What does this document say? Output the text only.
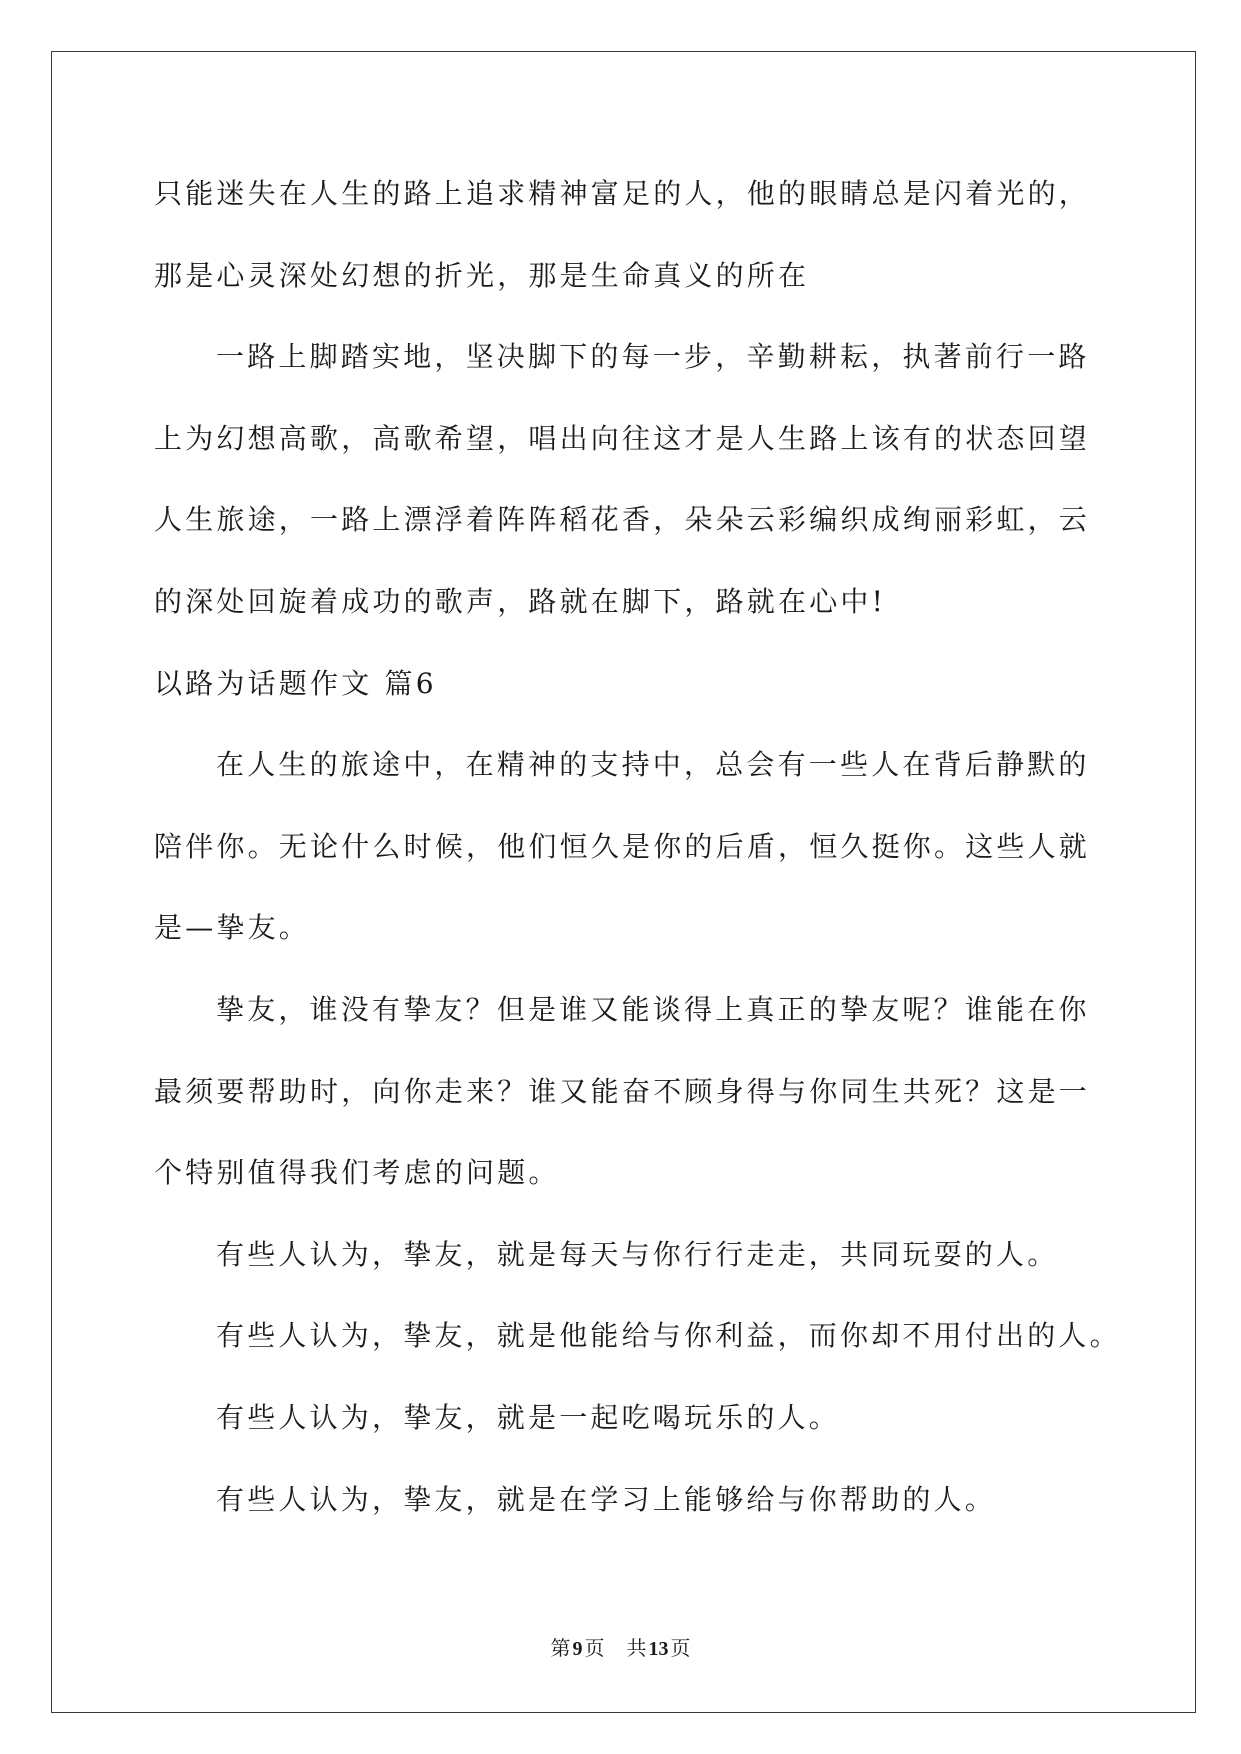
只能迷失在人生的路上追求精神富足的人，他的眼睛总是闪着光的，
那是心灵深处幻想的折光，那是生命真义的所在
一路上脚踏实地，坚决脚下的每一步，辛勤耕耘，执著前行一路
上为幻想高歌，高歌希望，唱出向往这才是人生路上该有的状态回望
人生旅途，一路上漂浮着阵阵稻花香，朵朵云彩编织成绚丽彩虹，云
的深处回旋着成功的歌声，路就在脚下，路就在心中!
以路为话题作文 篇6
在人生的旅途中，在精神的支持中，总会有一些人在背后静默的
陪伴你。无论什么时候，他们恒久是你的后盾，恒久挺你。这些人就
是—挚友。
挚友，谁没有挚友？但是谁又能谈得上真正的挚友呢？谁能在你
最须要帮助时，向你走来？谁又能奋不顾身得与你同生共死？这是一
个特别值得我们考虑的问题。
有些人认为，挚友，就是每天与你行行走走，共同玩耍的人。
有些人认为，挚友，就是他能给与你利益，而你却不用付出的人。
有些人认为，挚友，就是一起吃喝玩乐的人。
有些人认为，挚友，就是在学习上能够给与你帮助的人。
第 9 页 共 13 页
